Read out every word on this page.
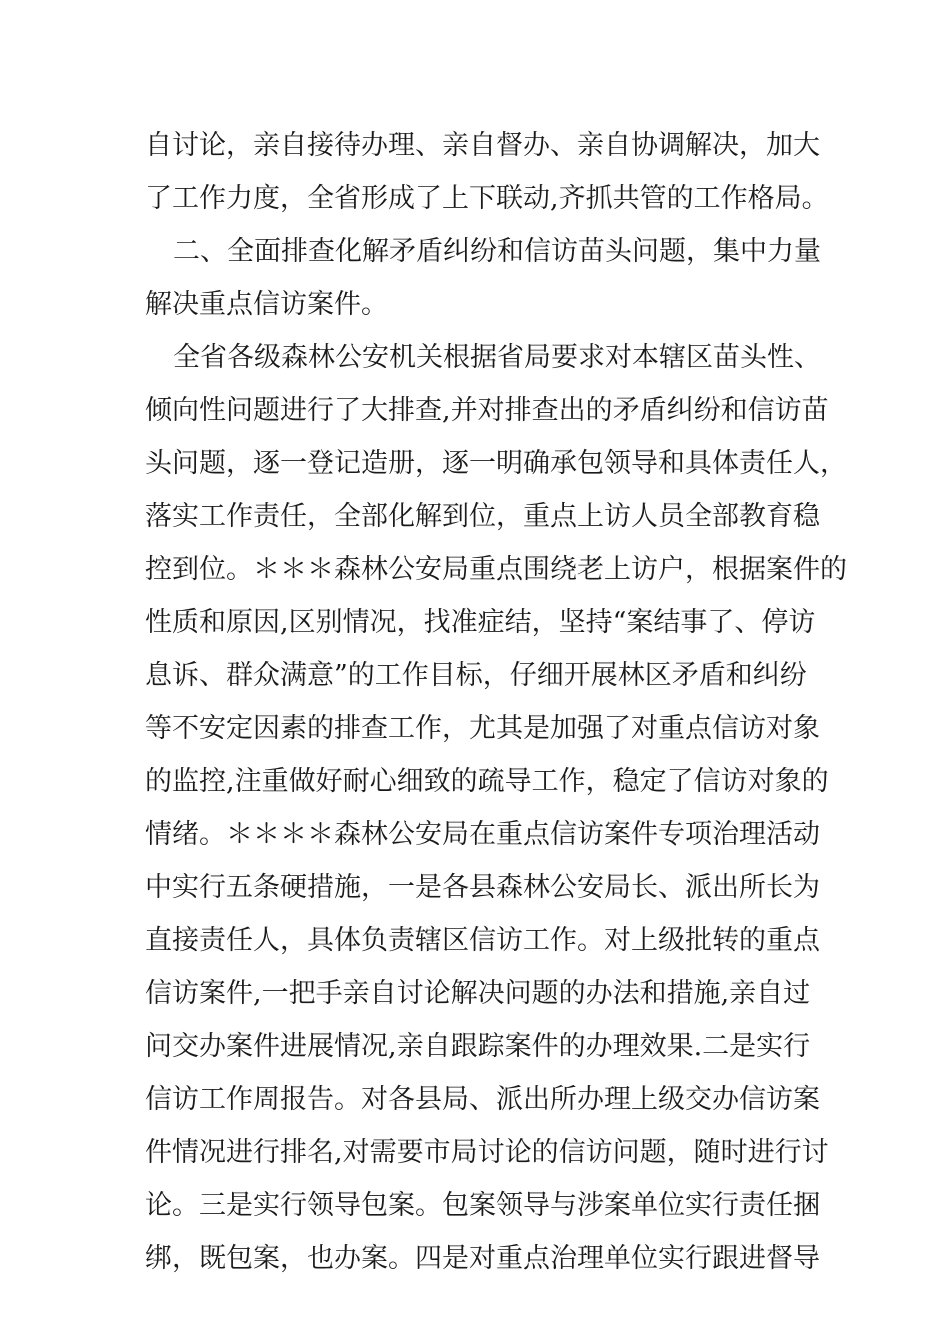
自讨论，亲自接待办理、亲自督办、亲自协调解决，加大
了工作力度，全省形成了上下联动,齐抓共管的工作格局。
二、全面排查化解矛盾纠纷和信访苗头问题，集中力量
解决重点信访案件。
全省各级森林公安机关根据省局要求对本辖区苗头性、
倾向性问题进行了大排查,并对排查出的矛盾纠纷和信访苗
头问题，逐一登记造册，逐一明确承包领导和具体责任人，
落实工作责任，全部化解到位，重点上访人员全部教育稳
控到位。＊＊＊森林公安局重点围绕老上访户，根据案件的
性质和原因,区别情况，找准症结，坚持“案结事了、停访
息诉、群众满意”的工作目标，仔细开展林区矛盾和纠纷
等不安定因素的排查工作，尤其是加强了对重点信访对象
的监控,注重做好耐心细致的疏导工作，稳定了信访对象的
情绪。＊＊＊＊森林公安局在重点信访案件专项治理活动
中实行五条硬措施，一是各县森林公安局长、派出所长为
直接责任人，具体负责辖区信访工作。对上级批转的重点
信访案件,一把手亲自讨论解决问题的办法和措施,亲自过
问交办案件进展情况,亲自跟踪案件的办理效果.二是实行
信访工作周报告。对各县局、派出所办理上级交办信访案
件情况进行排名,对需要市局讨论的信访问题，随时进行讨
论。三是实行领导包案。包案领导与涉案单位实行责任捆
绑，既包案，也办案。四是对重点治理单位实行跟进督导
